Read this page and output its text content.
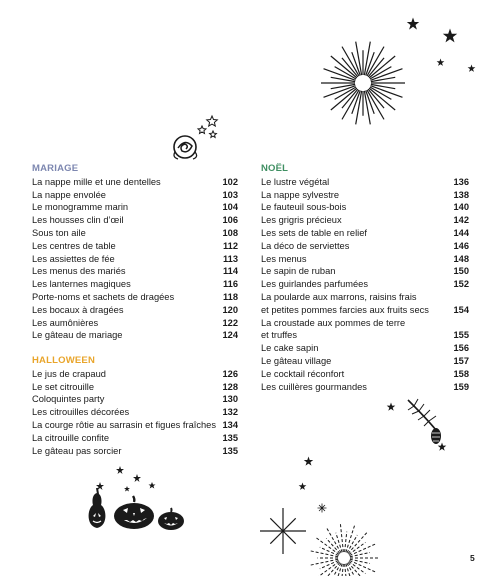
MARIAGE
La nappe mille et une dentelles	102
La nappe envolée	103
Le monogramme marin	104
Les housses clin d’œil	106
Sous ton aile	108
Les centres de table	112
Les assiettes de fée	113
Les menus des mariés	114
Les lanternes magiques	116
Porte-noms et sachets de dragées	118
Les bocaux à dragées	120
Les aumônières	122
Le gâteau de mariage	124
HALLOWEEN
Le jus de crapaud	126
Le set citrouille	128
Coloquintes party	130
Les citrouilles décorées	132
La courge rôtie au sarrasin et figues fraîches 134
La citrouille confite	135
Le gâteau pas sorcier	135
NOËL
Le lustre végétal	136
La nappe sylvestre	138
Le fauteuil sous-bois	140
Les grigris précieux	142
Les sets de table en relief	144
La déco de serviettes	146
Les menus	148
Le sapin de ruban	150
Les guirlandes parfumées	152
La poularde aux marrons, raisins frais
et petites pommes farcies aux fruits secs	154
La croustade aux pommes de terre
et truffes	155
Le cake sapin	156
Le gâteau village	157
Le cocktail réconfort	158
Les cuillères gourmandes	159
5
